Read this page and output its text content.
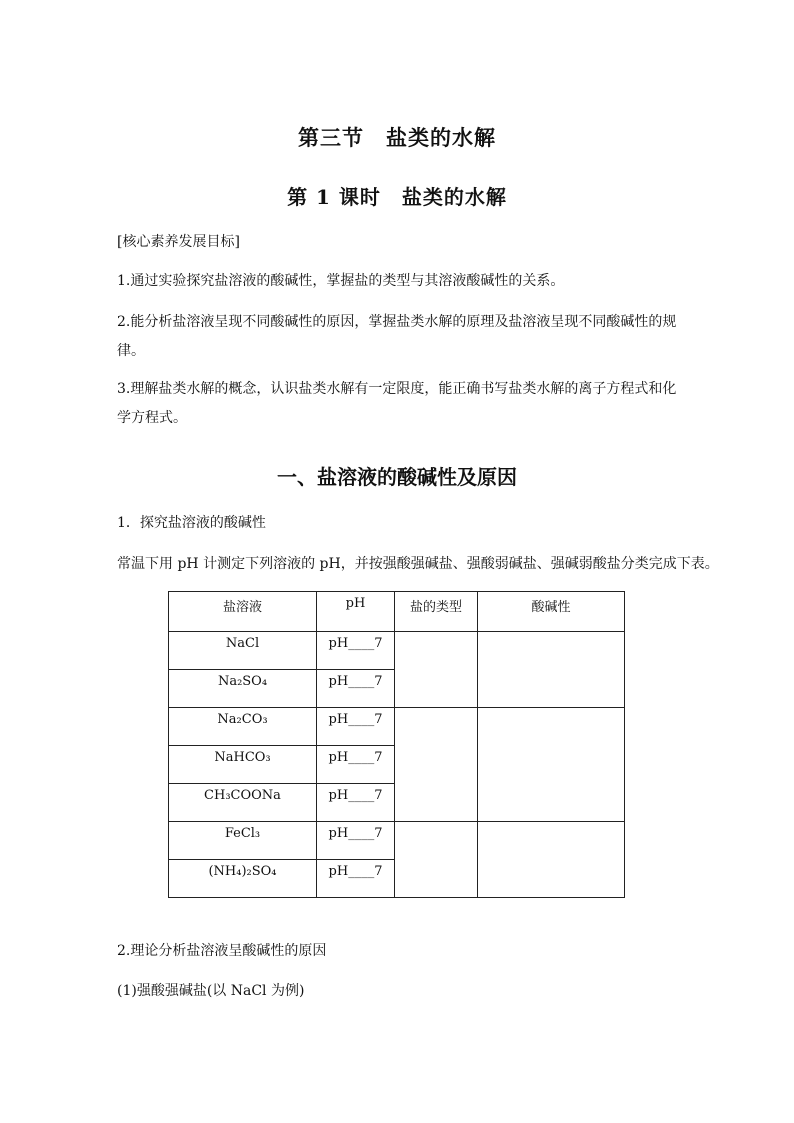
第三节　盐类的水解
第 1 课时　盐类的水解
[核心素养发展目标]
1.通过实验探究盐溶液的酸碱性，掌握盐的类型与其溶液酸碱性的关系。
2.能分析盐溶液呈现不同酸碱性的原因，掌握盐类水解的原理及盐溶液呈现不同酸碱性的规律。
3.理解盐类水解的概念，认识盐类水解有一定限度，能正确书写盐类水解的离子方程式和化学方程式。
一、盐溶液的酸碱性及原因
1．探究盐溶液的酸碱性
常温下用 pH 计测定下列溶液的 pH，并按强酸强碱盐、强酸弱碱盐、强碱弱酸盐分类完成下表。
盐溶液	pH	盐的类型	酸碱性

NaCl	pH____7		

Na₂SO₄	pH____7		

Na₂CO₃	pH____7		

NaHCO₃	pH____7		

CH₃COONa	pH____7		

FeCl₃	pH____7		

(NH₄)₂SO₄	pH____7		
2.理论分析盐溶液呈酸碱性的原因
(1)强酸强碱盐(以 NaCl 为例)
